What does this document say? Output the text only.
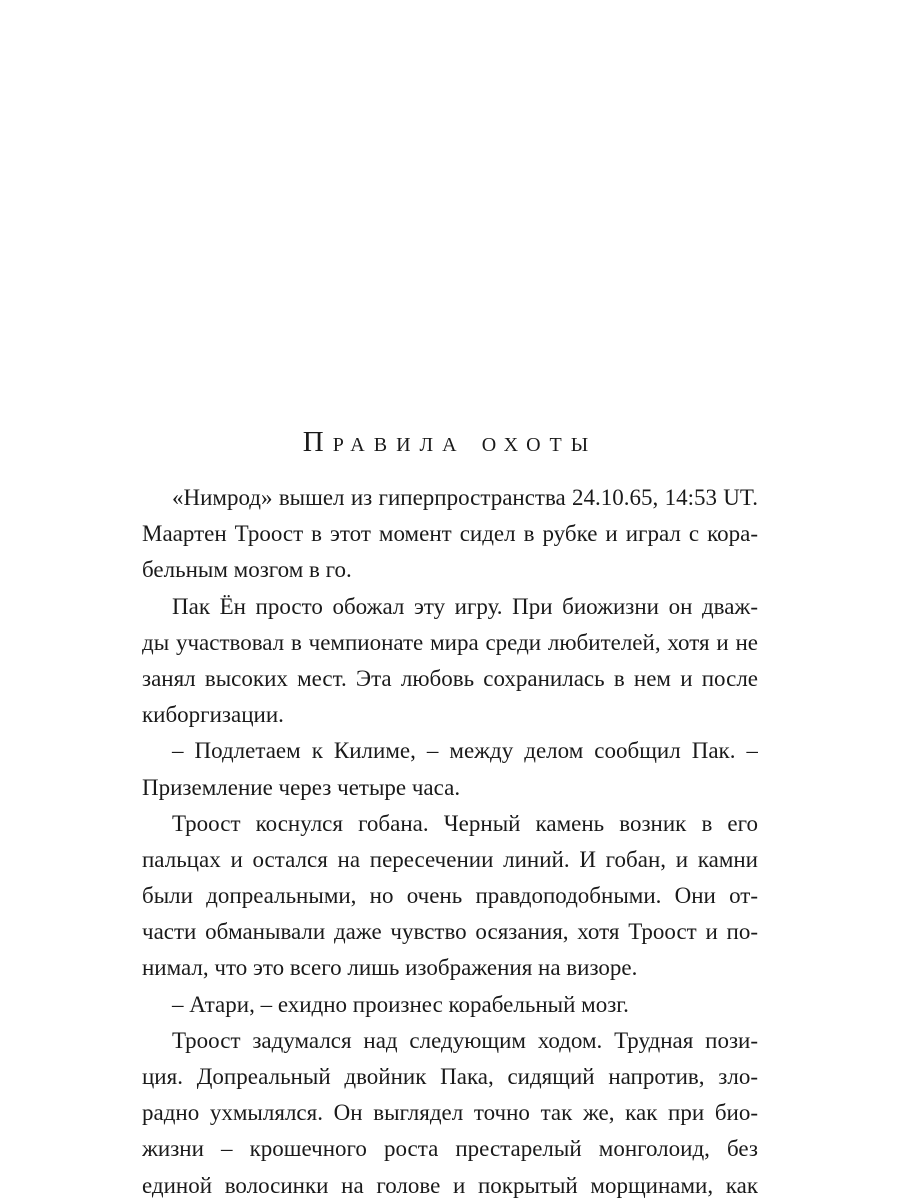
Правила охоты
«Нимрод» вышел из гиперпространства 24.10.65, 14:53 UT.
Маартен Троост в этот момент сидел в рубке и играл с кора-
бельным мозгом в го.
Пак Ён просто обожал эту игру. При биожизни он дваж-
ды участвовал в чемпионате мира среди любителей, хотя и не
занял высоких мест. Эта любовь сохранилась в нем и после
киборгизации.
– Подлетаем к Килиме, – между делом сообщил Пак. –
Приземление через четыре часа.
Троост коснулся гобана. Черный камень возник в его
пальцах и остался на пересечении линий. И гобан, и камни
были допреальными, но очень правдоподобными. Они от-
части обманывали даже чувство осязания, хотя Троост и по-
нимал, что это всего лишь изображения на визоре.
– Атари, – ехидно произнес корабельный мозг.
Троост задумался над следующим ходом. Трудная пози-
ция. Допреальный двойник Пака, сидящий напротив, зло-
радно ухмылялся. Он выглядел точно так же, как при био-
жизни – крошечного роста престарелый монголоид, без
единой волосинки на голове и покрытый морщинами, как
